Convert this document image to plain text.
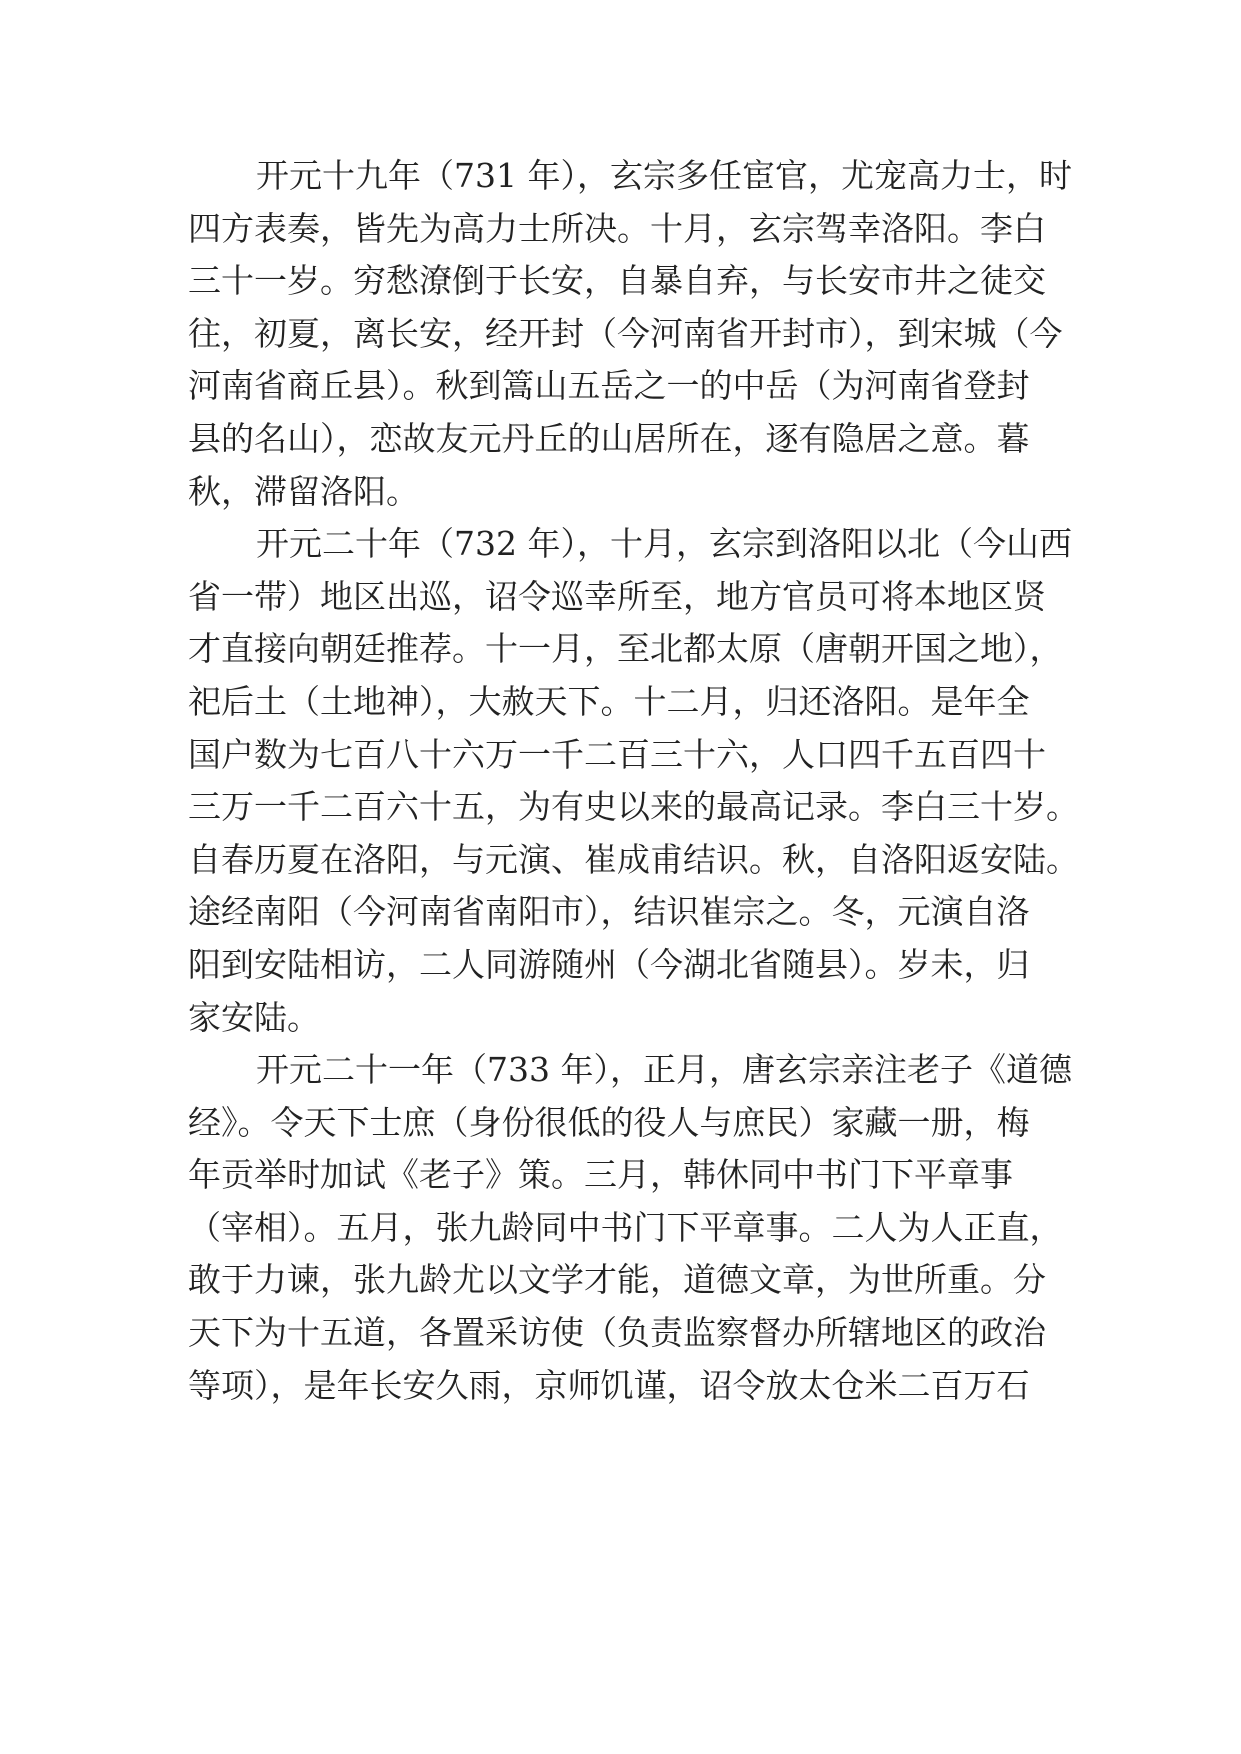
开元十九年（731 年），玄宗多任宦官，尤宠高力士，时
四方表奏，皆先为高力士所决。十月，玄宗驾幸洛阳。李白
三十一岁。穷愁潦倒于长安，自暴自弃，与长安市井之徒交
往，初夏，离长安，经开封（今河南省开封市），到宋城（今
河南省商丘县）。秋到篙山五岳之一的中岳（为河南省登封
县的名山），恋故友元丹丘的山居所在，逐有隐居之意。暮
秋，滞留洛阳。
开元二十年（732 年），十月，玄宗到洛阳以北（今山西
省一带）地区出巡，诏令巡幸所至，地方官员可将本地区贤
才直接向朝廷推荐。十一月，至北都太原（唐朝开国之地），
祀后土（土地神），大赦天下。十二月，归还洛阳。是年全
国户数为七百八十六万一千二百三十六，人口四千五百四十
三万一千二百六十五，为有史以来的最高记录。李白三十岁。
自春历夏在洛阳，与元演、崔成甫结识。秋，自洛阳返安陆。
途经南阳（今河南省南阳市），结识崔宗之。冬，元演自洛
阳到安陆相访，二人同游随州（今湖北省随县）。岁未，归
家安陆。
开元二十一年（733 年），正月，唐玄宗亲注老子《道德
经》。令天下士庶（身份很低的役人与庶民）家藏一册，梅
年贡举时加试《老子》策。三月，韩休同中书门下平章事
（宰相）。五月，张九龄同中书门下平章事。二人为人正直，
敢于力谏，张九龄尤以文学才能，道德文章，为世所重。分
天下为十五道，各置采访使（负责监察督办所辖地区的政治
等项），是年长安久雨，京师饥谨，诏令放太仓米二百万石
